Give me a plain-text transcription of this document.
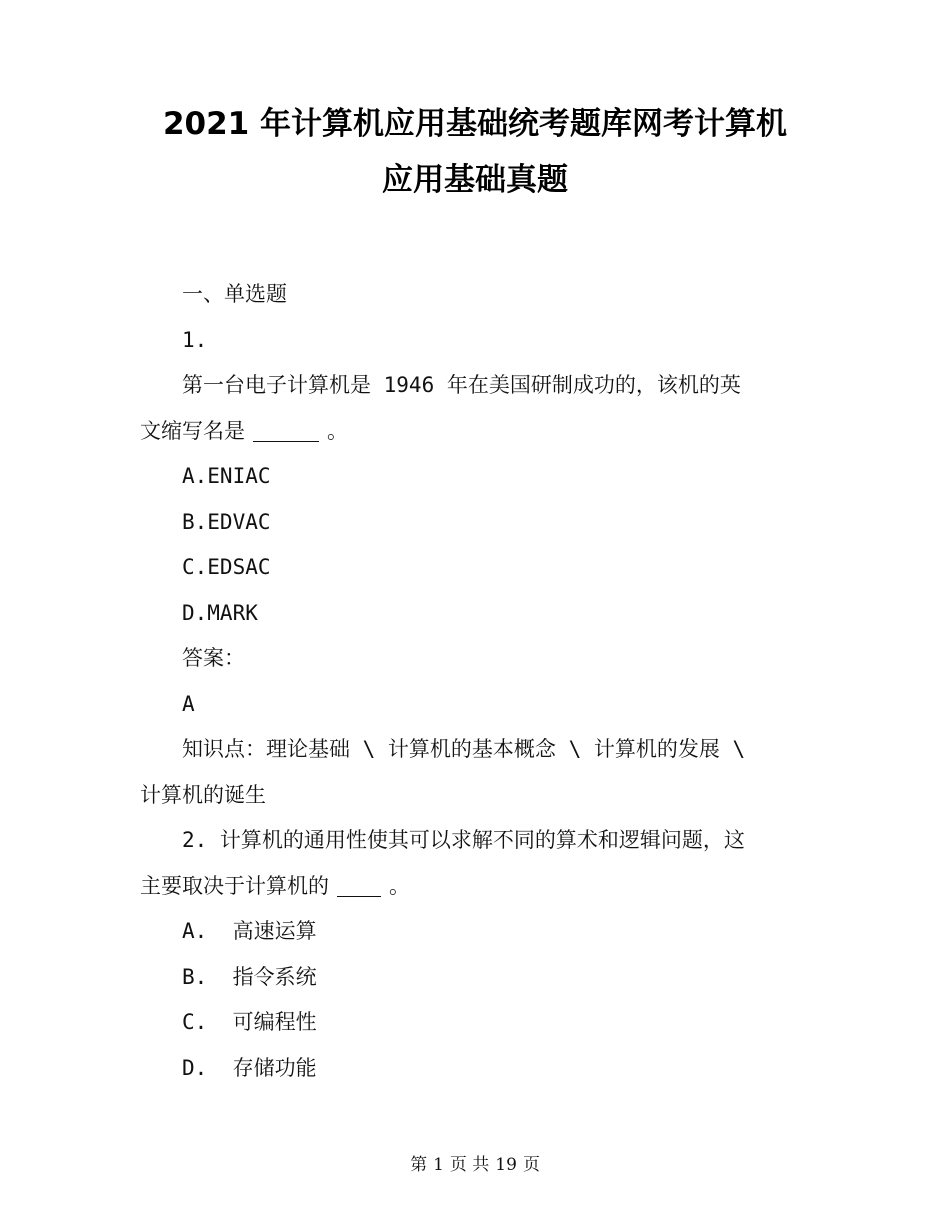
2021 年计算机应用基础统考题库网考计算机
应用基础真题

一、单选题

1.

第一台电子计算机是 1946 年在美国研制成功的，该机的英

文缩写名是	。

A.ENIAC

B.EDVAC

C.EDSAC

D.MARK

答案：

A

知识点：理论基础 \ 计算机的基本概念 \ 计算机的发展 \

计算机的诞生

2. 计算机的通用性使其可以求解不同的算术和逻辑问题，这

主要取决于计算机的	。

A.  高速运算

B.  指令系统

C.  可编程性

D.  存储功能

第 1 页 共 19 页
